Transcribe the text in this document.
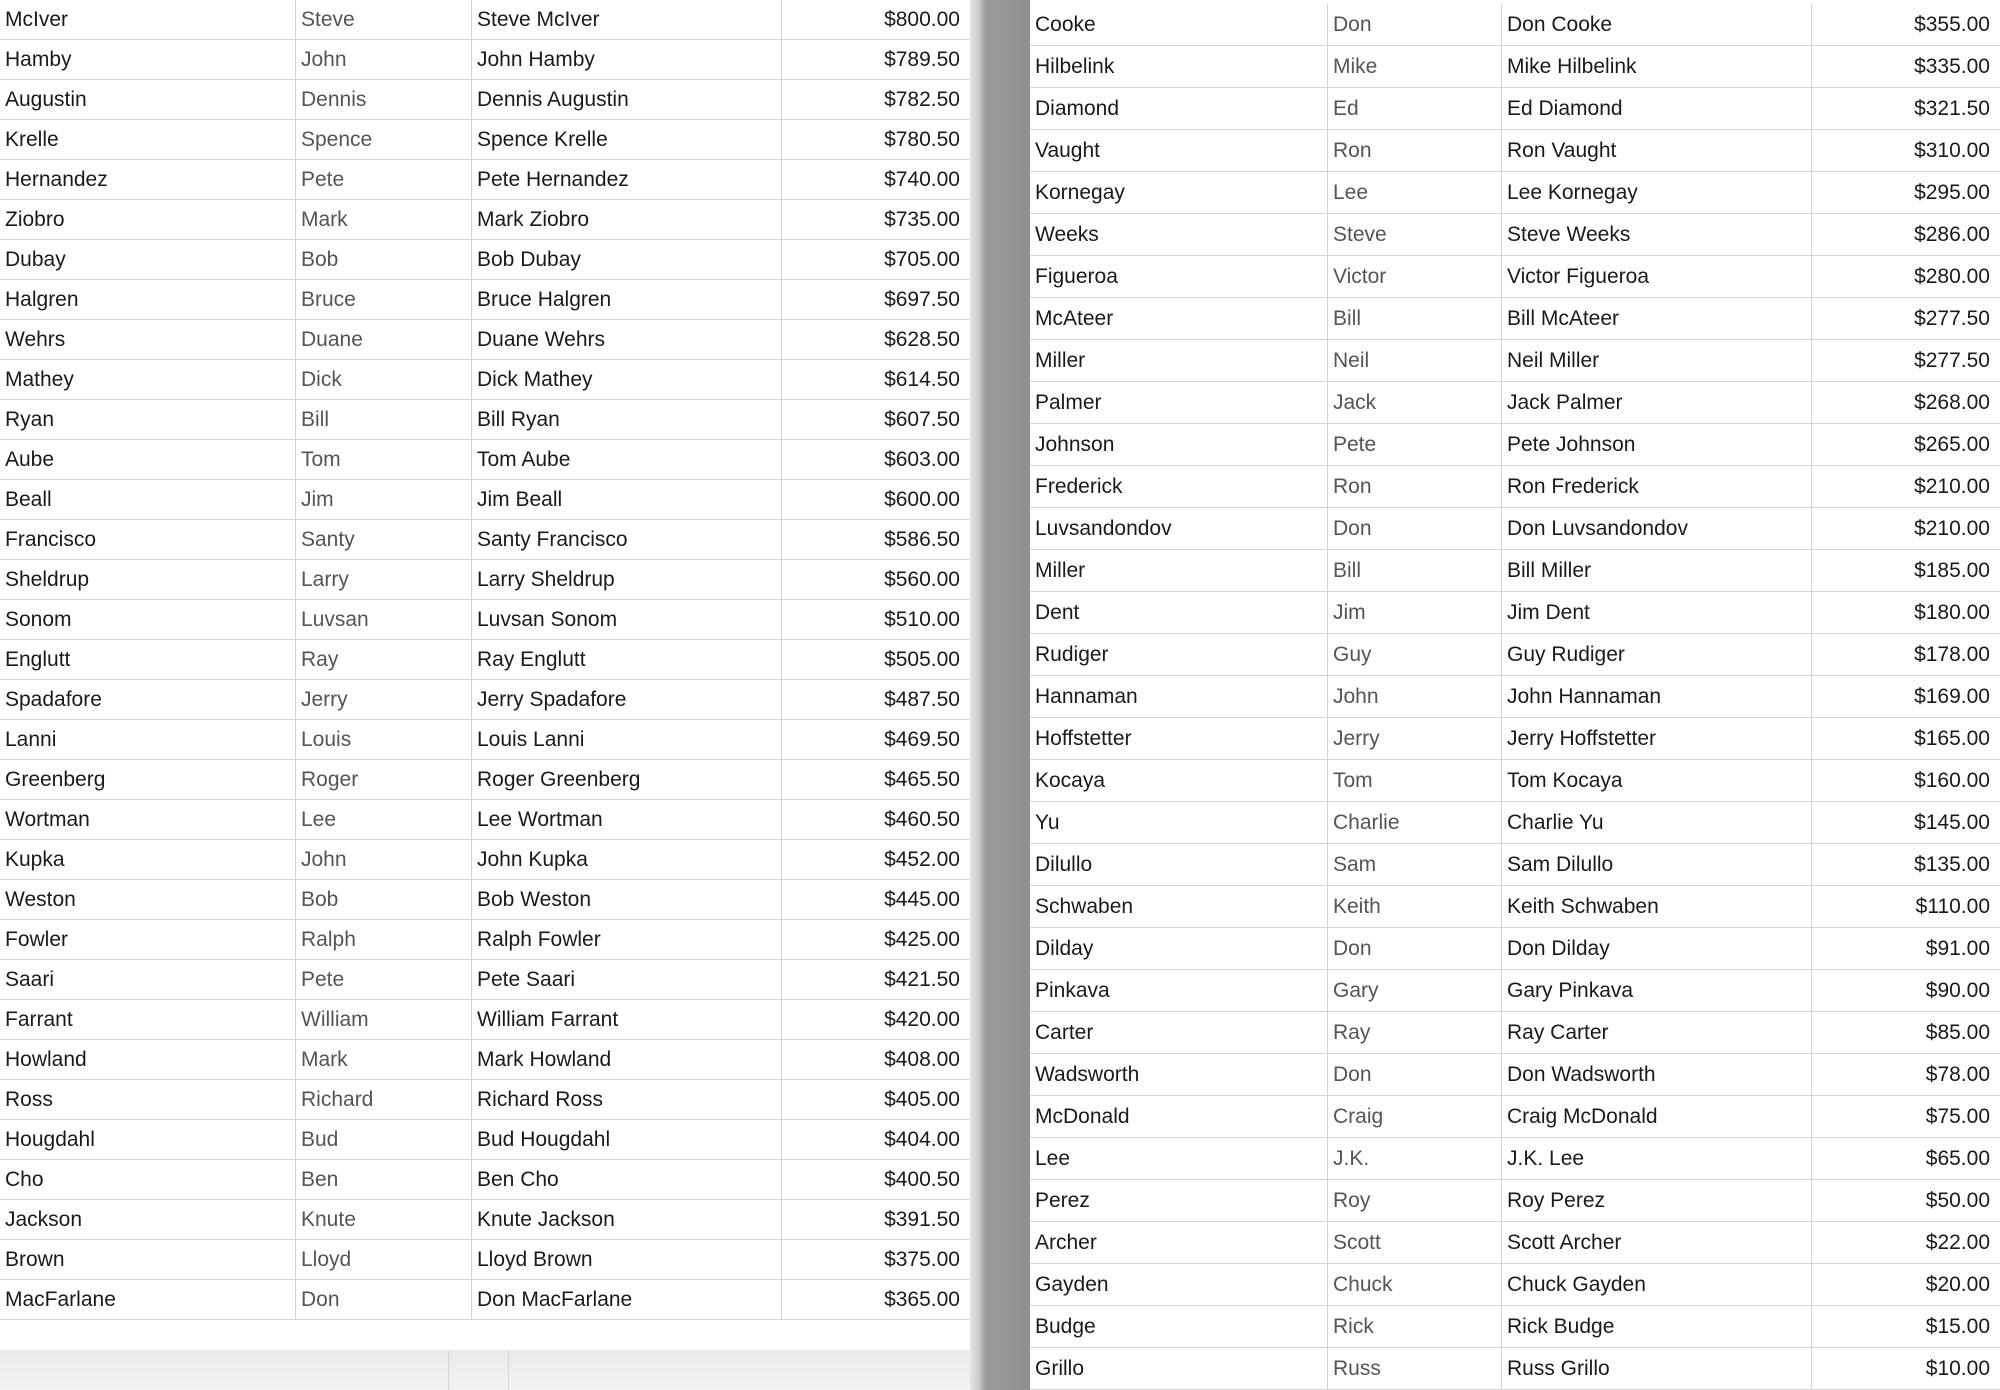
McIver	Steve	Steve McIver	$800.00
Hamby	John	John Hamby	$789.50
Augustin	Dennis	Dennis Augustin	$782.50
Krelle	Spence	Spence Krelle	$780.50
Hernandez	Pete	Pete Hernandez	$740.00
Ziobro	Mark	Mark Ziobro	$735.00
Dubay	Bob	Bob Dubay	$705.00
Halgren	Bruce	Bruce Halgren	$697.50
Wehrs	Duane	Duane Wehrs	$628.50
Mathey	Dick	Dick Mathey	$614.50
Ryan	Bill	Bill Ryan	$607.50
Aube	Tom	Tom Aube	$603.00
Beall	Jim	Jim Beall	$600.00
Francisco	Santy	Santy Francisco	$586.50
Sheldrup	Larry	Larry Sheldrup	$560.00
Sonom	Luvsan	Luvsan Sonom	$510.00
Englutt	Ray	Ray Englutt	$505.00
Spadafore	Jerry	Jerry Spadafore	$487.50
Lanni	Louis	Louis Lanni	$469.50
Greenberg	Roger	Roger Greenberg	$465.50
Wortman	Lee	Lee Wortman	$460.50
Kupka	John	John Kupka	$452.00
Weston	Bob	Bob Weston	$445.00
Fowler	Ralph	Ralph Fowler	$425.00
Saari	Pete	Pete Saari	$421.50
Farrant	William	William Farrant	$420.00
Howland	Mark	Mark Howland	$408.00
Ross	Richard	Richard Ross	$405.00
Hougdahl	Bud	Bud Hougdahl	$404.00
Cho	Ben	Ben Cho	$400.50
Jackson	Knute	Knute Jackson	$391.50
Brown	Lloyd	Lloyd Brown	$375.00
MacFarlane	Don	Don MacFarlane	$365.00
Cooke	Don	Don Cooke	$355.00
Hilbelink	Mike	Mike Hilbelink	$335.00
Diamond	Ed	Ed Diamond	$321.50
Vaught	Ron	Ron Vaught	$310.00
Kornegay	Lee	Lee Kornegay	$295.00
Weeks	Steve	Steve Weeks	$286.00
Figueroa	Victor	Victor Figueroa	$280.00
McAteer	Bill	Bill McAteer	$277.50
Miller	Neil	Neil Miller	$277.50
Palmer	Jack	Jack Palmer	$268.00
Johnson	Pete	Pete Johnson	$265.00
Frederick	Ron	Ron Frederick	$210.00
Luvsandondov	Don	Don Luvsandondov	$210.00
Miller	Bill	Bill Miller	$185.00
Dent	Jim	Jim Dent	$180.00
Rudiger	Guy	Guy Rudiger	$178.00
Hannaman	John	John Hannaman	$169.00
Hoffstetter	Jerry	Jerry Hoffstetter	$165.00
Kocaya	Tom	Tom Kocaya	$160.00
Yu	Charlie	Charlie Yu	$145.00
Dilullo	Sam	Sam Dilullo	$135.00
Schwaben	Keith	Keith Schwaben	$110.00
Dilday	Don	Don Dilday	$91.00
Pinkava	Gary	Gary Pinkava	$90.00
Carter	Ray	Ray Carter	$85.00
Wadsworth	Don	Don Wadsworth	$78.00
McDonald	Craig	Craig McDonald	$75.00
Lee	J.K.	J.K. Lee	$65.00
Perez	Roy	Roy Perez	$50.00
Archer	Scott	Scott Archer	$22.00
Gayden	Chuck	Chuck Gayden	$20.00
Budge	Rick	Rick Budge	$15.00
Grillo	Russ	Russ Grillo	$10.00
